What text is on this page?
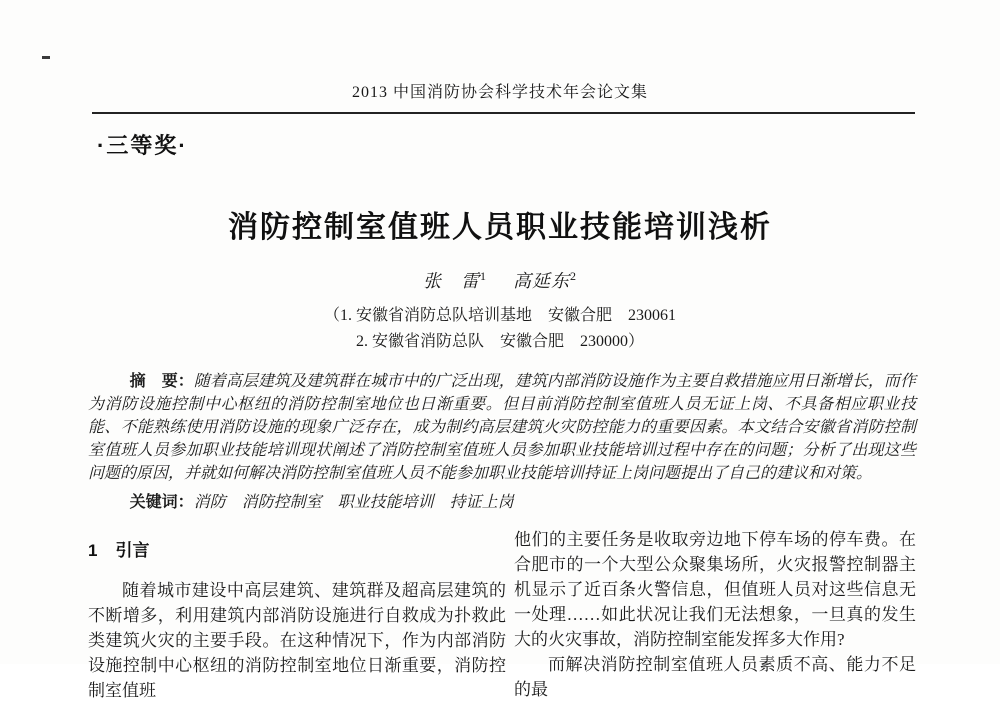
2013 中国消防协会科学技术年会论文集
·三等奖·
消防控制室值班人员职业技能培训浅析
张　雷$^1$ 高延东$^2$
（1. 安徽省消防总队培训基地　安徽合肥　230061
2. 安徽省消防总队　安徽合肥　230000）

摘　要：随着高层建筑及建筑群在城市中的广泛出现，建筑内部消防设施作为主要自救措施应用日渐增长，而作为消防设施控制中心枢纽的消防控制室地位也日渐重要。但目前消防控制室值班人员无证上岗、不具备相应职业技能、不能熟练使用消防设施的现象广泛存在，成为制约高层建筑火灾防控能力的重要因素。本文结合安徽省消防控制室值班人员参加职业技能培训现状阐述了消防控制室值班人员参加职业技能培训过程中存在的问题；分析了出现这些问题的原因，并就如何解决消防控制室值班人员不能参加职业技能培训持证上岗问题提出了自己的建议和对策。

关键词：消防　消防控制室　职业技能培训　持证上岗

1 引言

随着城市建设中高层建筑、建筑群及超高层建筑的不断增多，利用建筑内部消防设施进行自救成为扑救此类建筑火灾的主要手段。在这种情况下，作为内部消防设施控制中心枢纽的消防控制室地位日渐重要，消防控制室值班

他们的主要任务是收取旁边地下停车场的停车费。在合肥市的一个大型公众聚集场所，火灾报警控制器主机显示了近百条火警信息，但值班人员对这些信息无一处理……如此状况让我们无法想象，一旦真的发生大的火灾事故，消防控制室能发挥多大作用?

而解决消防控制室值班人员素质不高、能力不足的最
